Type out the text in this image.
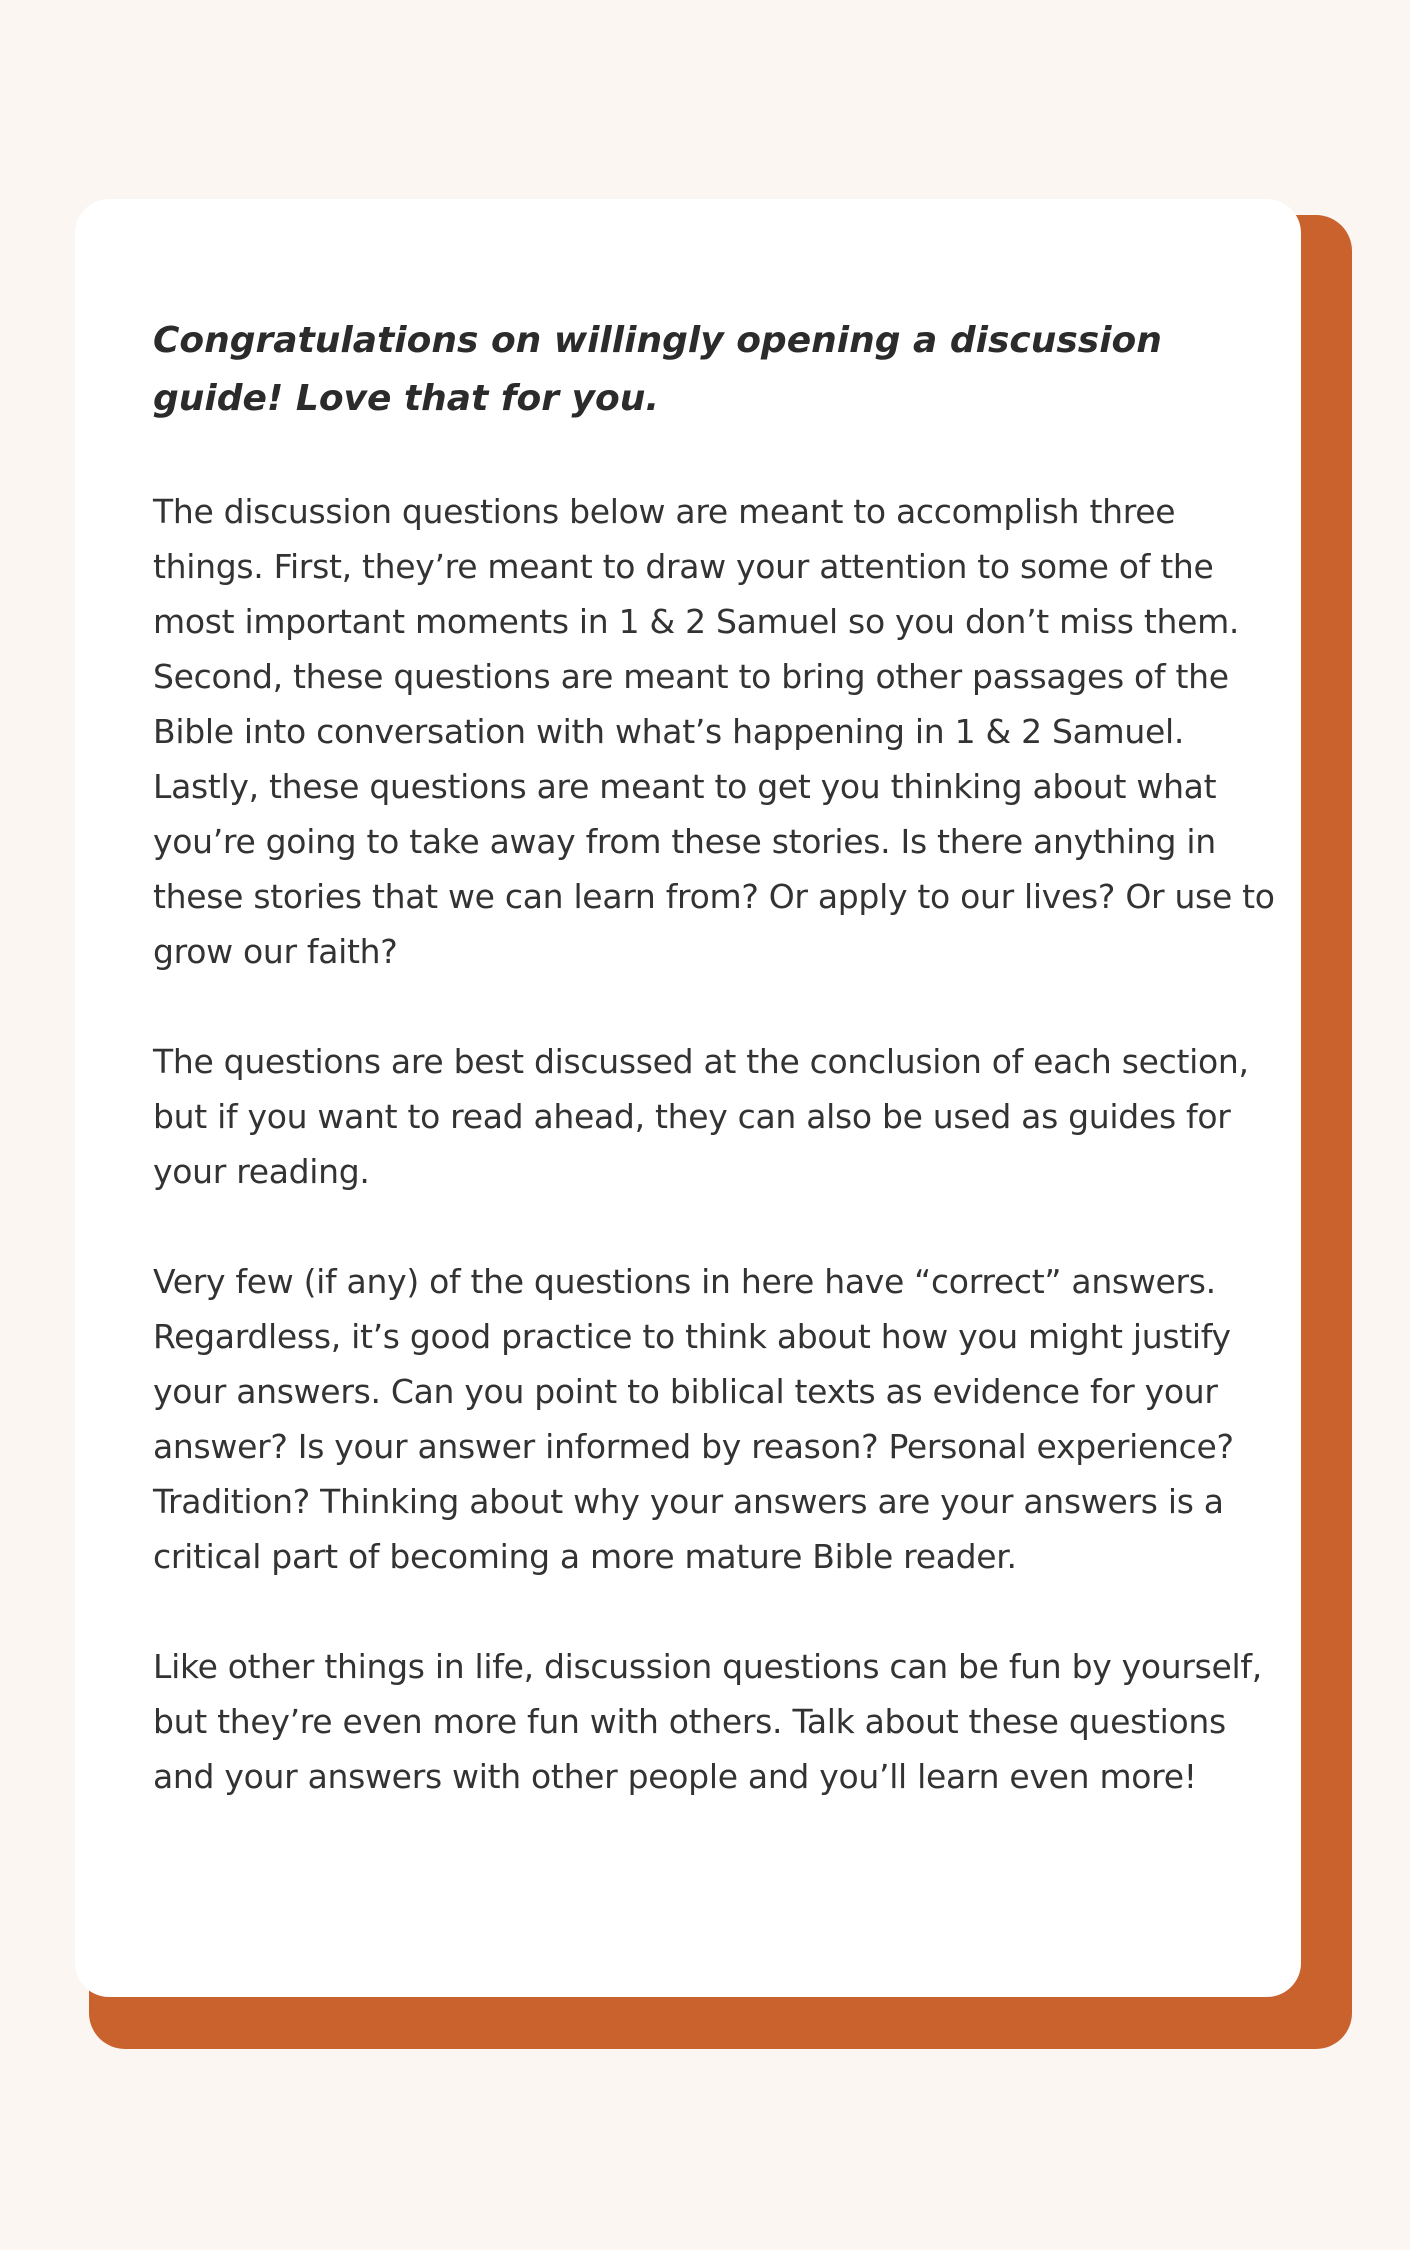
Congratulations on willingly opening a discussion guide! Love that for you.

The discussion questions below are meant to accomplish three things. First, they’re meant to draw your attention to some of the most important moments in 1 & 2 Samuel so you don’t miss them. Second, these questions are meant to bring other passages of the Bible into conversation with what’s happening in 1 & 2 Samuel. Lastly, these questions are meant to get you thinking about what you’re going to take away from these stories. Is there anything in these stories that we can learn from? Or apply to our lives? Or use to grow our faith?

The questions are best discussed at the conclusion of each section, but if you want to read ahead, they can also be used as guides for your reading.

Very few (if any) of the questions in here have “correct” answers. Regardless, it’s good practice to think about how you might justify your answers. Can you point to biblical texts as evidence for your answer? Is your answer informed by reason? Personal experience? Tradition? Thinking about why your answers are your answers is a critical part of becoming a more mature Bible reader.

Like other things in life, discussion questions can be fun by yourself, but they’re even more fun with others. Talk about these questions and your answers with other people and you’ll learn even more!
